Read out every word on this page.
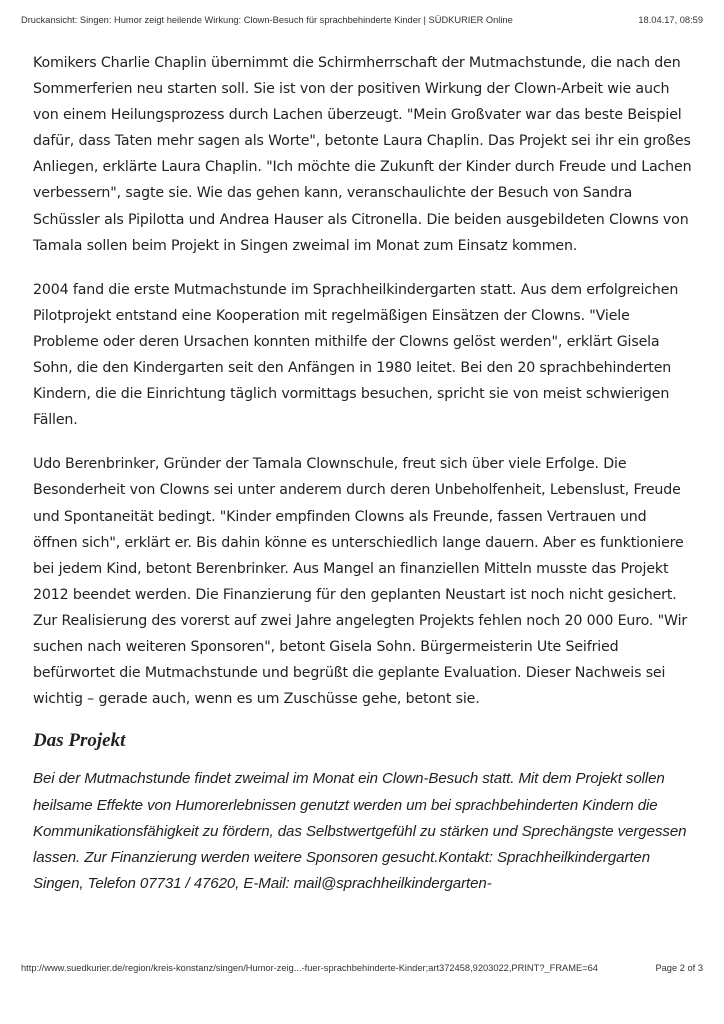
Druckansicht: Singen: Humor zeigt heilende Wirkung: Clown-Besuch für sprachbehinderte Kinder | SÜDKURIER Online	18.04.17, 08:59

Komikers Charlie Chaplin übernimmt die Schirmherrschaft der Mutmachstunde, die nach den Sommerferien neu starten soll. Sie ist von der positiven Wirkung der Clown-Arbeit wie auch von einem Heilungsprozess durch Lachen überzeugt. "Mein Großvater war das beste Beispiel dafür, dass Taten mehr sagen als Worte", betonte Laura Chaplin. Das Projekt sei ihr ein großes Anliegen, erklärte Laura Chaplin. "Ich möchte die Zukunft der Kinder durch Freude und Lachen verbessern", sagte sie. Wie das gehen kann, veranschaulichte der Besuch von Sandra Schüssler als Pipilotta und Andrea Hauser als Citronella. Die beiden ausgebildeten Clowns von Tamala sollen beim Projekt in Singen zweimal im Monat zum Einsatz kommen.

2004 fand die erste Mutmachstunde im Sprachheilkindergarten statt. Aus dem erfolgreichen Pilotprojekt entstand eine Kooperation mit regelmäßigen Einsätzen der Clowns. "Viele Probleme oder deren Ursachen konnten mithilfe der Clowns gelöst werden", erklärt Gisela Sohn, die den Kindergarten seit den Anfängen in 1980 leitet. Bei den 20 sprachbehinderten Kindern, die die Einrichtung täglich vormittags besuchen, spricht sie von meist schwierigen Fällen.

Udo Berenbrinker, Gründer der Tamala Clownschule, freut sich über viele Erfolge. Die Besonderheit von Clowns sei unter anderem durch deren Unbeholfenheit, Lebenslust, Freude und Spontaneität bedingt. "Kinder empfinden Clowns als Freunde, fassen Vertrauen und öffnen sich", erklärt er. Bis dahin könne es unterschiedlich lange dauern. Aber es funktioniere bei jedem Kind, betont Berenbrinker. Aus Mangel an finanziellen Mitteln musste das Projekt 2012 beendet werden. Die Finanzierung für den geplanten Neustart ist noch nicht gesichert. Zur Realisierung des vorerst auf zwei Jahre angelegten Projekts fehlen noch 20 000 Euro. "Wir suchen nach weiteren Sponsoren", betont Gisela Sohn. Bürgermeisterin Ute Seifried befürwortet die Mutmachstunde und begrüßt die geplante Evaluation. Dieser Nachweis sei wichtig – gerade auch, wenn es um Zuschüsse gehe, betont sie.

Das Projekt

Bei der Mutmachstunde findet zweimal im Monat ein Clown-Besuch statt. Mit dem Projekt sollen heilsame Effekte von Humorerlebnissen genutzt werden um bei sprachbehinderten Kindern die Kommunikationsfähigkeit zu fördern, das Selbstwertgefühl zu stärken und Sprechängste vergessen lassen. Zur Finanzierung werden weitere Sponsoren gesucht.Kontakt: Sprachheilkindergarten Singen, Telefon 07731 / 47620, E-Mail: mail@sprachheilkindergarten-

http://www.suedkurier.de/region/kreis-konstanz/singen/Humor-zeig...-fuer-sprachbehinderte-Kinder;art372458,9203022,PRINT?_FRAME=64	Page 2 of 3
